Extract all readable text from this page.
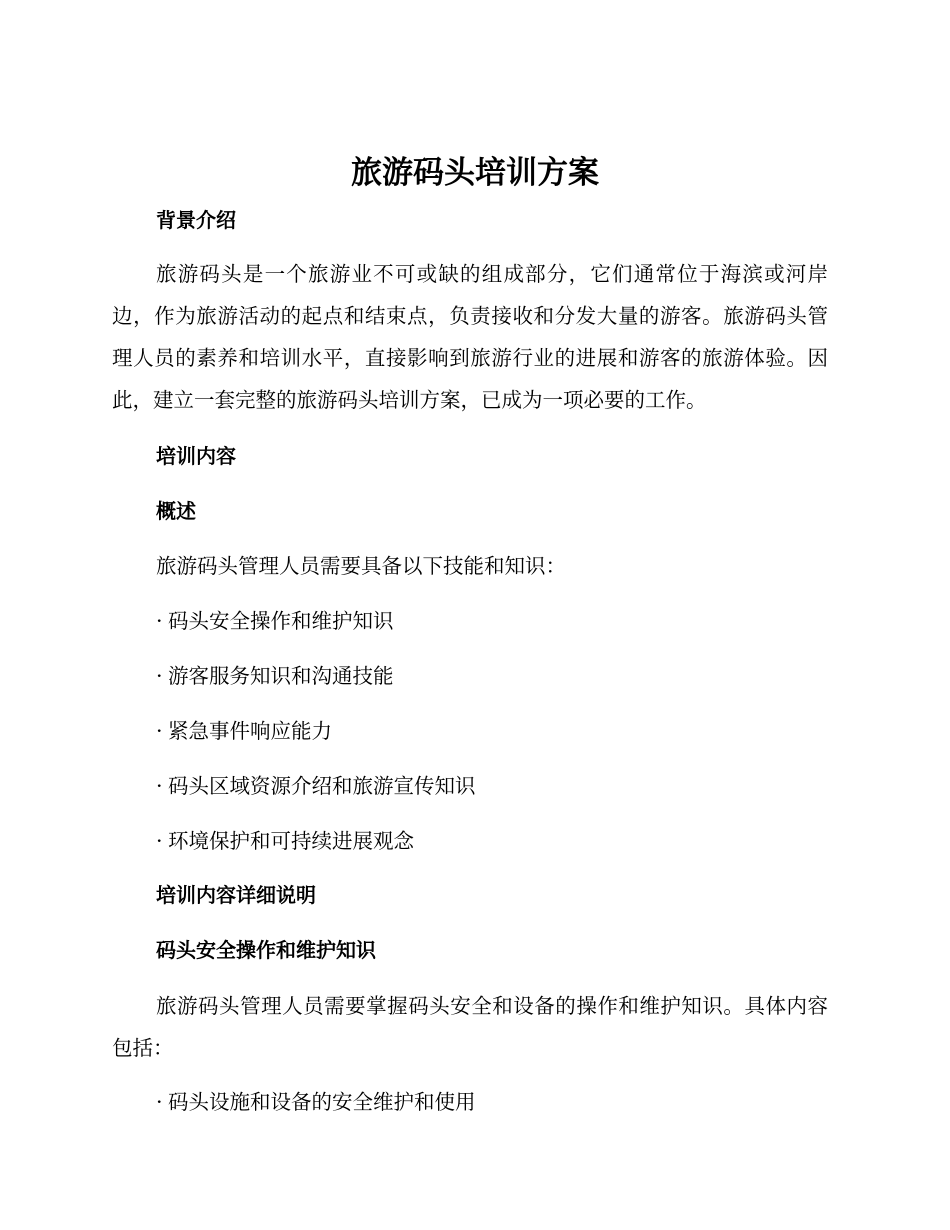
旅游码头培训方案
背景介绍

旅游码头是一个旅游业不可或缺的组成部分，它们通常位于海滨或河岸边，作为旅游活动的起点和结束点，负责接收和分发大量的游客。旅游码头管理人员的素养和培训水平，直接影响到旅游行业的进展和游客的旅游体验。因此，建立一套完整的旅游码头培训方案，已成为一项必要的工作。

培训内容
概述
旅游码头管理人员需要具备以下技能和知识：
· 码头安全操作和维护知识
· 游客服务知识和沟通技能
· 紧急事件响应能力
· 码头区域资源介绍和旅游宣传知识
· 环境保护和可持续进展观念
培训内容详细说明
码头安全操作和维护知识

旅游码头管理人员需要掌握码头安全和设备的操作和维护知识。具体内容包括：

· 码头设施和设备的安全维护和使用
